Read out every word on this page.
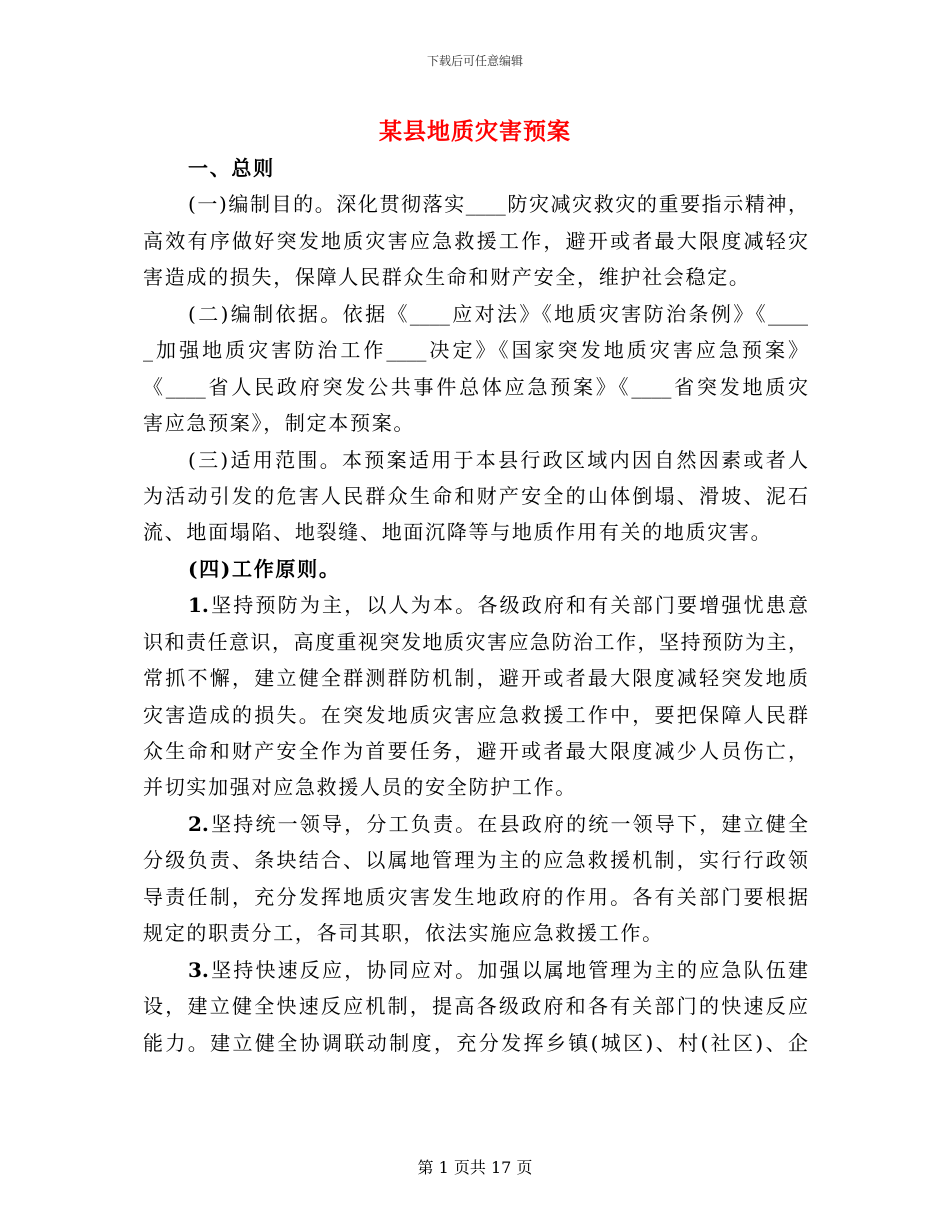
下载后可任意编辑
某县地质灾害预案
一、总则
(一)编制目的。深化贯彻落实____防灾减灾救灾的重要指示精神，
高效有序做好突发地质灾害应急救援工作，避开或者最大限度减轻灾
害造成的损失，保障人民群众生命和财产安全，维护社会稳定。
(二)编制依据。依据《____应对法》《地质灾害防治条例》《____
_加强地质灾害防治工作____决定》《国家突发地质灾害应急预案》
《____省人民政府突发公共事件总体应急预案》《____省突发地质灾
害应急预案》，制定本预案。
(三)适用范围。本预案适用于本县行政区域内因自然因素或者人
为活动引发的危害人民群众生命和财产安全的山体倒塌、滑坡、泥石
流、地面塌陷、地裂缝、地面沉降等与地质作用有关的地质灾害。
(四)工作原则。
1.坚持预防为主，以人为本。各级政府和有关部门要增强忧患意
识和责任意识，高度重视突发地质灾害应急防治工作，坚持预防为主，
常抓不懈，建立健全群测群防机制，避开或者最大限度减轻突发地质
灾害造成的损失。在突发地质灾害应急救援工作中，要把保障人民群
众生命和财产安全作为首要任务，避开或者最大限度减少人员伤亡，
并切实加强对应急救援人员的安全防护工作。
2.坚持统一领导，分工负责。在县政府的统一领导下，建立健全
分级负责、条块结合、以属地管理为主的应急救援机制，实行行政领
导责任制，充分发挥地质灾害发生地政府的作用。各有关部门要根据
规定的职责分工，各司其职，依法实施应急救援工作。
3.坚持快速反应，协同应对。加强以属地管理为主的应急队伍建
设，建立健全快速反应机制，提高各级政府和各有关部门的快速反应
能力。建立健全协调联动制度，充分发挥乡镇(城区)、村(社区)、企
第 1 页共 17 页
